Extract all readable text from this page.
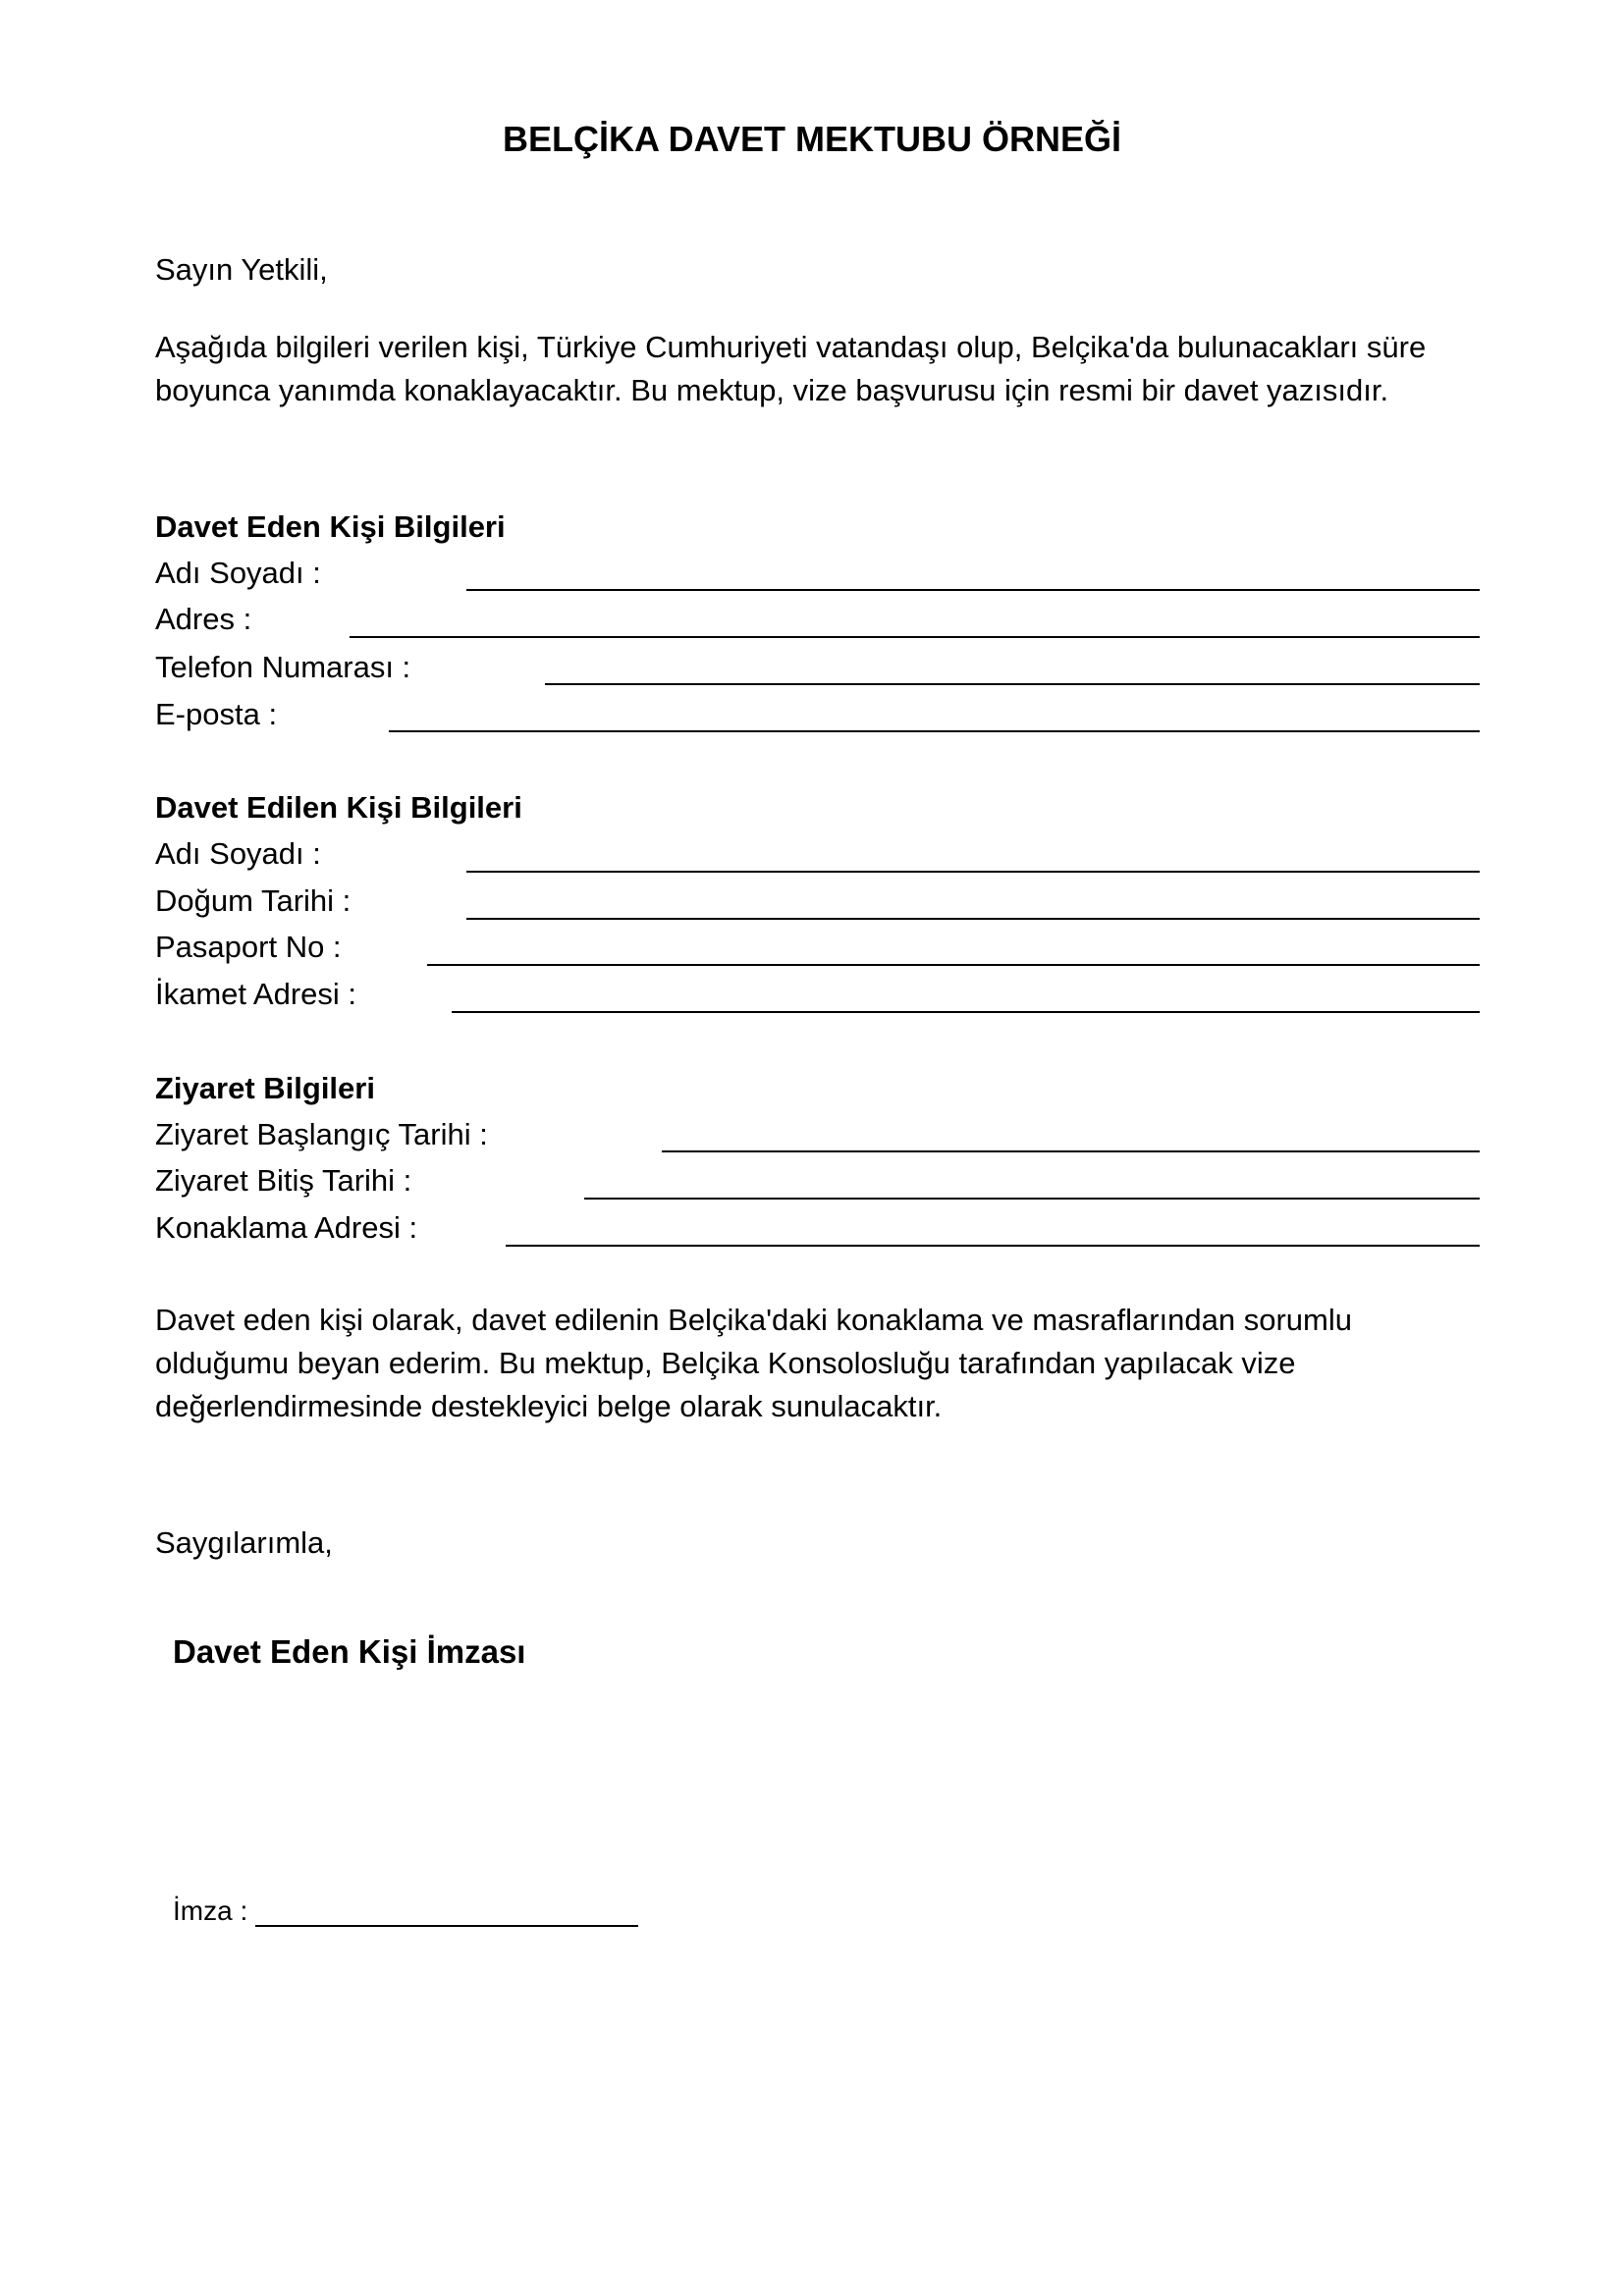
BELÇİKA DAVET MEKTUBU ÖRNEĞİ
Sayın Yetkili,
Aşağıda bilgileri verilen kişi, Türkiye Cumhuriyeti vatandaşı olup, Belçika'da bulunacakları süre
boyunca yanımda konaklayacaktır. Bu mektup, vize başvurusu için resmi bir davet yazısıdır.
Davet Eden Kişi Bilgileri
Adı Soyadı :
Adres :
Telefon Numarası :
E-posta :
Davet Edilen Kişi Bilgileri
Adı Soyadı :
Doğum Tarihi :
Pasaport No :
İkamet Adresi :
Ziyaret Bilgileri
Ziyaret Başlangıç Tarihi :
Ziyaret Bitiş Tarihi :
Konaklama Adresi :
Davet eden kişi olarak, davet edilenin Belçika'daki konaklama ve masraflarından sorumlu
olduğumu beyan ederim. Bu mektup, Belçika Konsolosluğu tarafından yapılacak vize
değerlendirmesinde destekleyici belge olarak sunulacaktır.
Saygılarımla,
Davet Eden Kişi İmzası
İmza :
